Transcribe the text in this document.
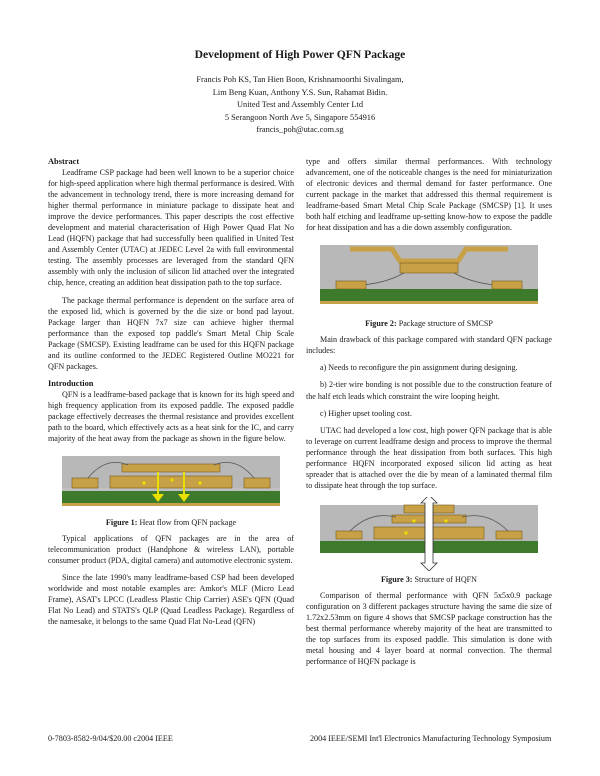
Development of High Power QFN Package
Francis Poh KS, Tan Hien Boon, Krishnamoorthi Sivalingam,
Lim Beng Kuan, Anthony Y.S. Sun, Rahamat Bidin.
United Test and Assembly Center Ltd
5 Serangoon North Ave 5, Singapore 554916
francis_poh@utac.com.sg
Abstract

Leadframe CSP package had been well known to be a superior choice for high-speed application where high thermal performance is desired. With the advancement in technology trend, there is more increasing demand for higher thermal performance in miniature package to dissipate heat and improve the device performances. This paper descripts the cost effective development and material characterisation of High Power Quad Flat No Lead (HQFN) package that had successfully been qualified in United Test and Assembly Center (UTAC) at JEDEC Level 2a with full environmental testing. The assembly processes are leveraged from the standard QFN assembly with only the inclusion of silicon lid attached over the integrated chip, hence, creating an addition heat dissipation path to the top surface.

The package thermal performance is dependent on the surface area of the exposed lid, which is governed by the die size or bond pad layout. Package larger than HQFN 7x7 size can achieve higher thermal performance than the exposed top paddle's Smart Metal Chip Scale Package (SMCSP). Existing leadframe can be used for this HQFN package and its outline conformed to the JEDEC Registered Outline MO221 for QFN packages.

Introduction

QFN is a leadframe-based package that is known for its high speed and high frequency application from its exposed paddle. The exposed paddle package effectively decreases the thermal resistance and provides excellent path to the board, which effectively acts as a heat sink for the IC, and carry majority of the heat away from the package as shown in the figure below.

Figure 1: Heat flow from QFN package

Typical applications of QFN packages are in the area of telecommunication product (Handphone & wireless LAN), portable consumer product (PDA, digital camera) and automotive electronic system.

Since the late 1990's many leadframe-based CSP had been developed worldwide and most notable examples are: Amkor's MLF (Micro Lead Frame), ASAT's LPCC (Leadless Plastic Chip Carrier) ASE's QFN (Quad Flat No Lead) and STATS's QLP (Quad Leadless Package). Regardless of the namesake, it belongs to the same Quad Flat No-Lead (QFN)

type and offers similar thermal performances. With technology advancement, one of the noticeable changes is the need for miniaturization of electronic devices and thermal demand for faster performance. One current package in the market that addressed this thermal requirement is leadframe-based Smart Metal Chip Scale Package (SMCSP) [1]. It uses both half etching and leadframe up-setting know-how to expose the paddle for heat dissipation and has a die down assembly configuration.

Figure 2: Package structure of SMCSP

Main drawback of this package compared with standard QFN package includes:

a) Needs to reconfigure the pin assignment during designing.

b) 2-tier wire bonding is not possible due to the construction feature of the half etch leads which constraint the wire looping height.

c) Higher upset tooling cost.

UTAC had developed a low cost, high power QFN package that is able to leverage on current leadframe design and process to improve the thermal performance through the heat dissipation from both surfaces. This high performance HQFN incorporated exposed silicon lid acting as heat spreader that is attached over the die by mean of a laminated thermal film to dissipate heat through the top surface.

Figure 3: Structure of HQFN

Comparison of thermal performance with QFN 5x5x0.9 package configuration on 3 different packages structure having the same die size of 1.72x2.53mm on figure 4 shows that SMCSP package construction has the best thermal performance whereby majority of the heat are transmitted to the top surfaces from its exposed paddle. This simulation is done with metal housing and 4 layer board at normal convection. The thermal performance of HQFN package is

0-7803-8582-9/04/$20.00 c2004 IEEE	2004 IEEE/SEMI Int'l Electronics Manufacturing Technology Symposium
